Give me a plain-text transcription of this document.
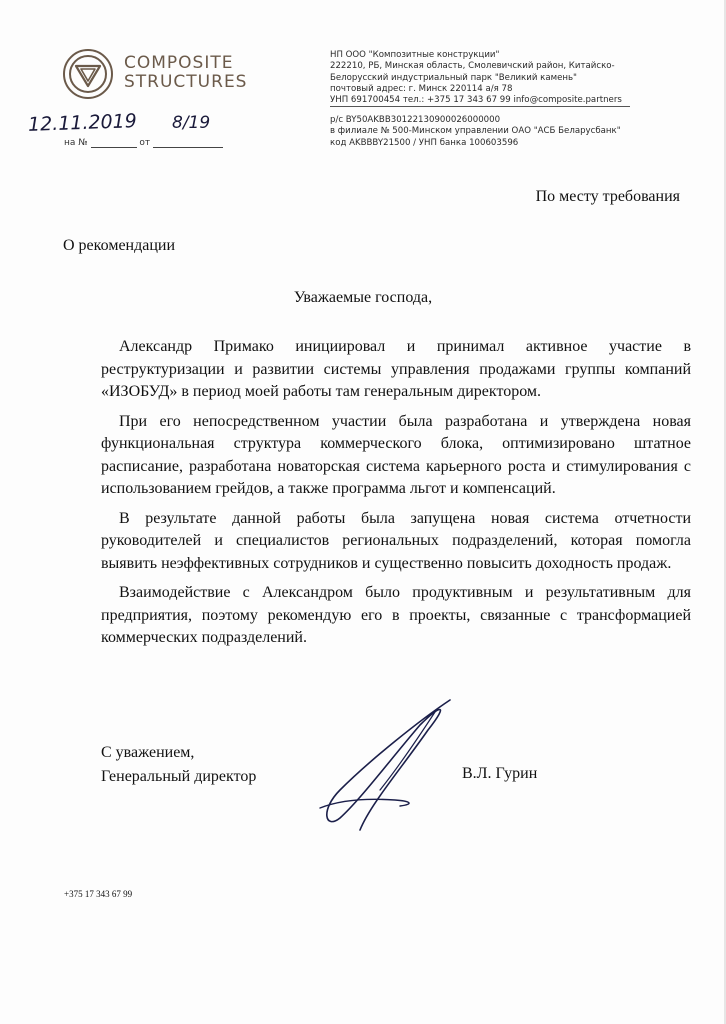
COMPOSITE
STRUCTURES
НП ООО "Композитные конструкции"
222210, РБ, Минская область, Смолевичский район, Китайско-
Белорусский индустриальный парк "Великий камень"
почтовый адрес: г. Минск 220114 а/я 78
УНП 691700454 тел.: +375 17 343 67 99 info@composite.partners
р/с BY50AKBB30122130900026000000
в филиале № 500-Минском управлении ОАО "АСБ Беларусбанк"
код AKBBBY21500 / УНП банка 100603596
12.11.2019 8/19
на №	от
По месту требования
О рекомендации
Уважаемые господа,

Александр Примако инициировал и принимал активное участие в реструктуризации и развитии системы управления продажами группы компаний «ИЗОБУД» в период моей работы там генеральным директором.

При его непосредственном участии была разработана и утверждена новая функциональная структура коммерческого блока, оптимизировано штатное расписание, разработана новаторская система карьерного роста и стимулирования с использованием грейдов, а также программа льгот и компенсаций.

В результате данной работы была запущена новая система отчетности руководителей и специалистов региональных подразделений, которая помогла выявить неэффективных сотрудников и существенно повысить доходность продаж.

Взаимодействие с Александром было продуктивным и результативным для предприятия, поэтому рекомендую его в проекты, связанные с трансформацией коммерческих подразделений.

С уважением,
Генеральный директор	В.Л. Гурин
+375 17 343 67 99
